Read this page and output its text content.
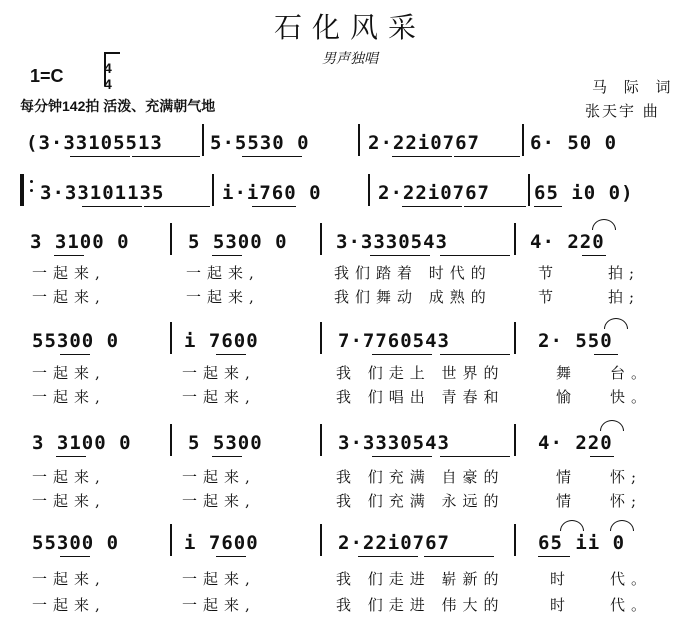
石化风采
男声独唱
1=C	4
4
每分钟142拍 活泼、充满朝气地
马 际 词
张天宇 曲
(3·33105513 5·5530 0	2·22i0767	6· 50 0
3·33101135	i·i760 0	2·22i0767 65 i0 0)
3 3100 0	5 5300 0	3·3330543	4· 220
一起来,	一起来,	我们踏着 时代的	节	拍;
一起来,	一起来,	我们舞动 成熟的	节	拍;
55300 0	i 7600	7·7760543	2· 550
一起来,	一起来,	我 们走上 世界的	舞 台。
一起来,	一起来,	我 们唱出 青春和	愉 快。
3 3100 0	5 5300	3·3330543	4· 220
一起来,	一起来,	我 们充满 自豪的	情 怀;
一起来,	一起来,	我 们充满 永远的	情 怀;
55300 0	i 7600	2·22i0767	65 ii 0
一起来,	一起来,	我 们走进 崭新的	时	代。
一起来,	一起来,	我 们走进 伟大的	时	代。
